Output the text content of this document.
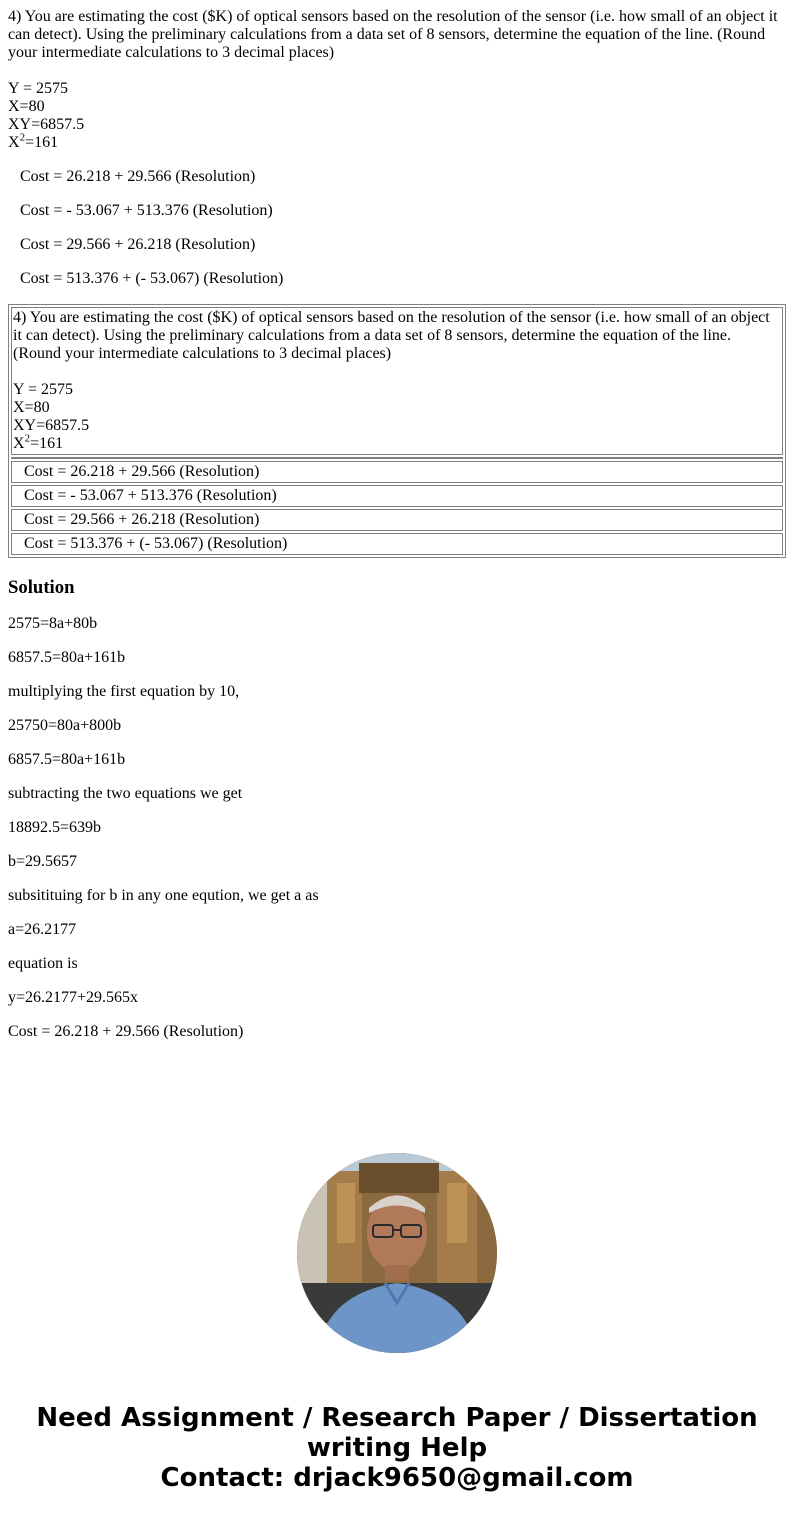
4) You are estimating the cost ($K) of optical sensors based on the resolution of the sensor (i.e. how small of an object it can detect). Using the preliminary calculations from a data set of 8 sensors, determine the equation of the line. (Round your intermediate calculations to 3 decimal places)

Y = 2575
X=80
XY=6857.5
$X^2=161$
Cost = 26.218 + 29.566 (Resolution)
Cost = - 53.067 + 513.376 (Resolution)
Cost = 29.566 + 26.218 (Resolution)
Cost = 513.376 + (- 53.067) (Resolution)
4) You are estimating the cost ($K) of optical sensors based on the resolution of the sensor (i.e. how small of an object it can detect). Using the preliminary calculations from a data set of 8 sensors, determine the equation of the line. (Round your intermediate calculations to 3 decimal places)
Y = 2575
X=80
XY=6857.5
$X^2=161$

Cost = 26.218 + 29.566 (Resolution)
Cost = - 53.067 + 513.376 (Resolution)
Cost = 29.566 + 26.218 (Resolution)
Cost = 513.376 + (- 53.067) (Resolution)
Solution

2575=8a+80b

6857.5=80a+161b

multiplying the first equation by 10,

25750=80a+800b

6857.5=80a+161b

subtracting the two equations we get

18892.5=639b

b=29.5657

subsitituing for b in any one eqution, we get a as

a=26.2177

equation is

y=26.2177+29.565x

Cost = 26.218 + 29.566 (Resolution)

Need Assignment / Research Paper / Dissertation
writing Help
Contact: drjack9650@gmail.com
